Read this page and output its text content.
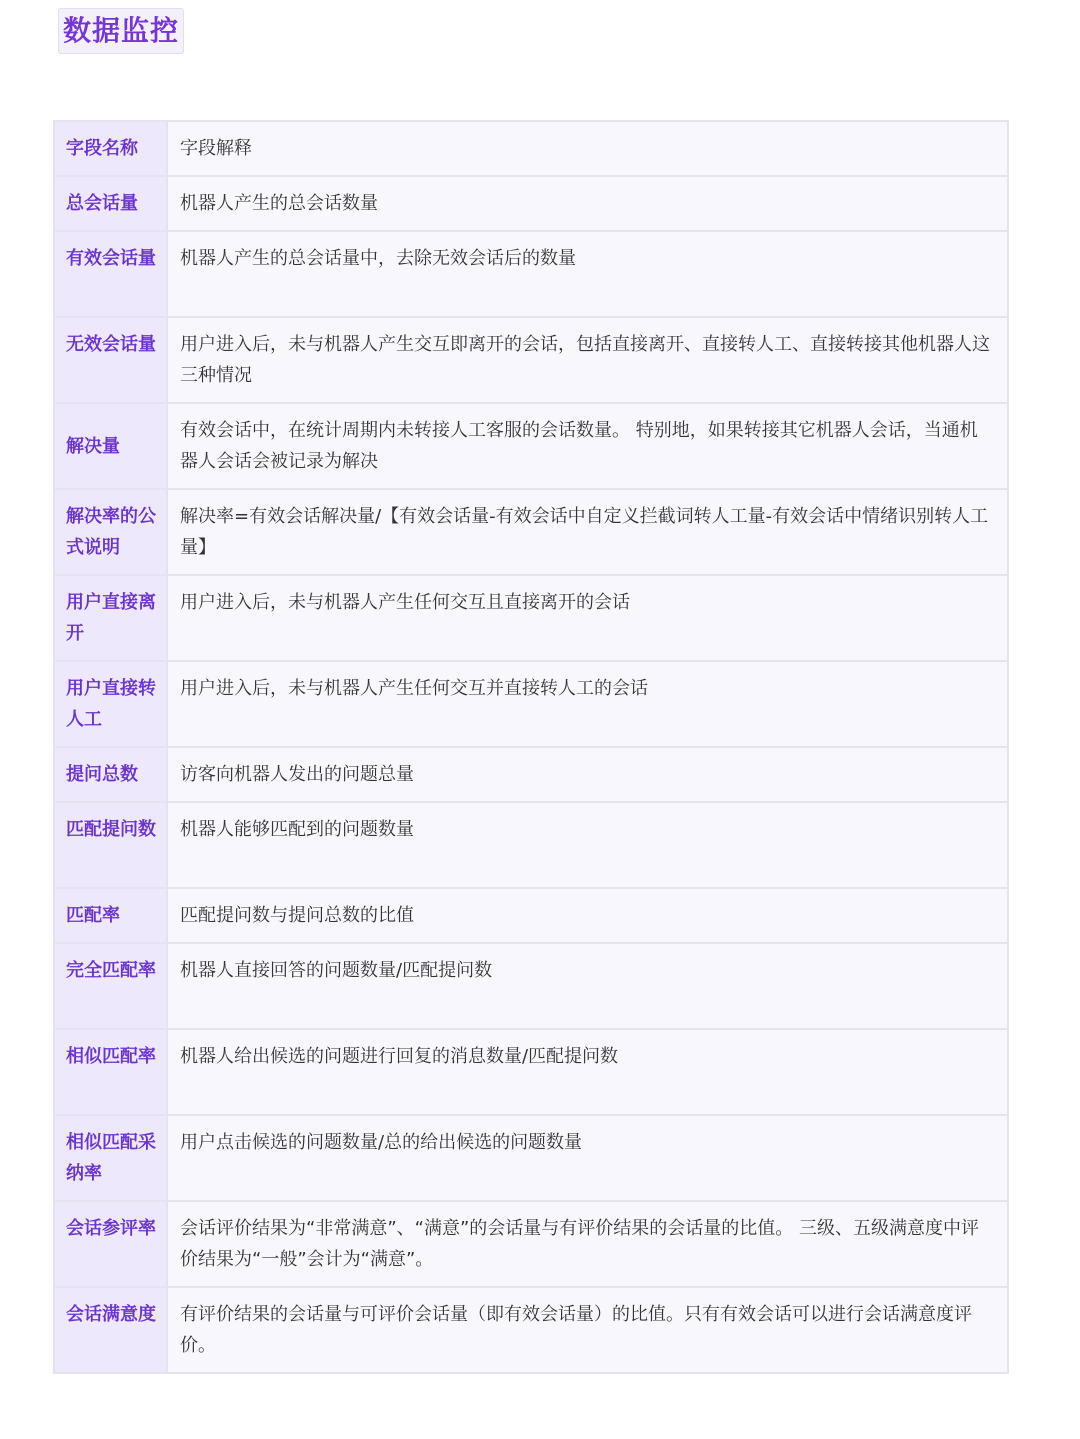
数据监控
字段名称	字段解释
总会话量	机器人产生的总会话数量
有效会话量	机器人产生的总会话量中，去除无效会话后的数量
无效会话量	用户进入后，未与机器人产生交互即离开的会话，包括直接离开、直接转人工、直接转接其他机器人这三种情况
解决量	有效会话中，在统计周期内未转接人工客服的会话数量。 特别地，如果转接其它机器人会话，当通机器人会话会被记录为解决
解决率的公式说明	解决率=有效会话解决量/【有效会话量-有效会话中自定义拦截词转人工量-有效会话中情绪识别转人工量】
用户直接离开	用户进入后，未与机器人产生任何交互且直接离开的会话
用户直接转人工	用户进入后，未与机器人产生任何交互并直接转人工的会话
提问总数	访客向机器人发出的问题总量
匹配提问数	机器人能够匹配到的问题数量
匹配率	匹配提问数与提问总数的比值
完全匹配率	机器人直接回答的问题数量/匹配提问数
相似匹配率	机器人给出候选的问题进行回复的消息数量/匹配提问数
相似匹配采纳率	用户点击候选的问题数量/总的给出候选的问题数量
会话参评率	会话评价结果为“非常满意”、“满意”的会话量与有评价结果的会话量的比值。 三级、五级满意度中评价结果为“一般”会计为“满意”。
会话满意度	有评价结果的会话量与可评价会话量（即有效会话量）的比值。只有有效会话可以进行会话满意度评价。
